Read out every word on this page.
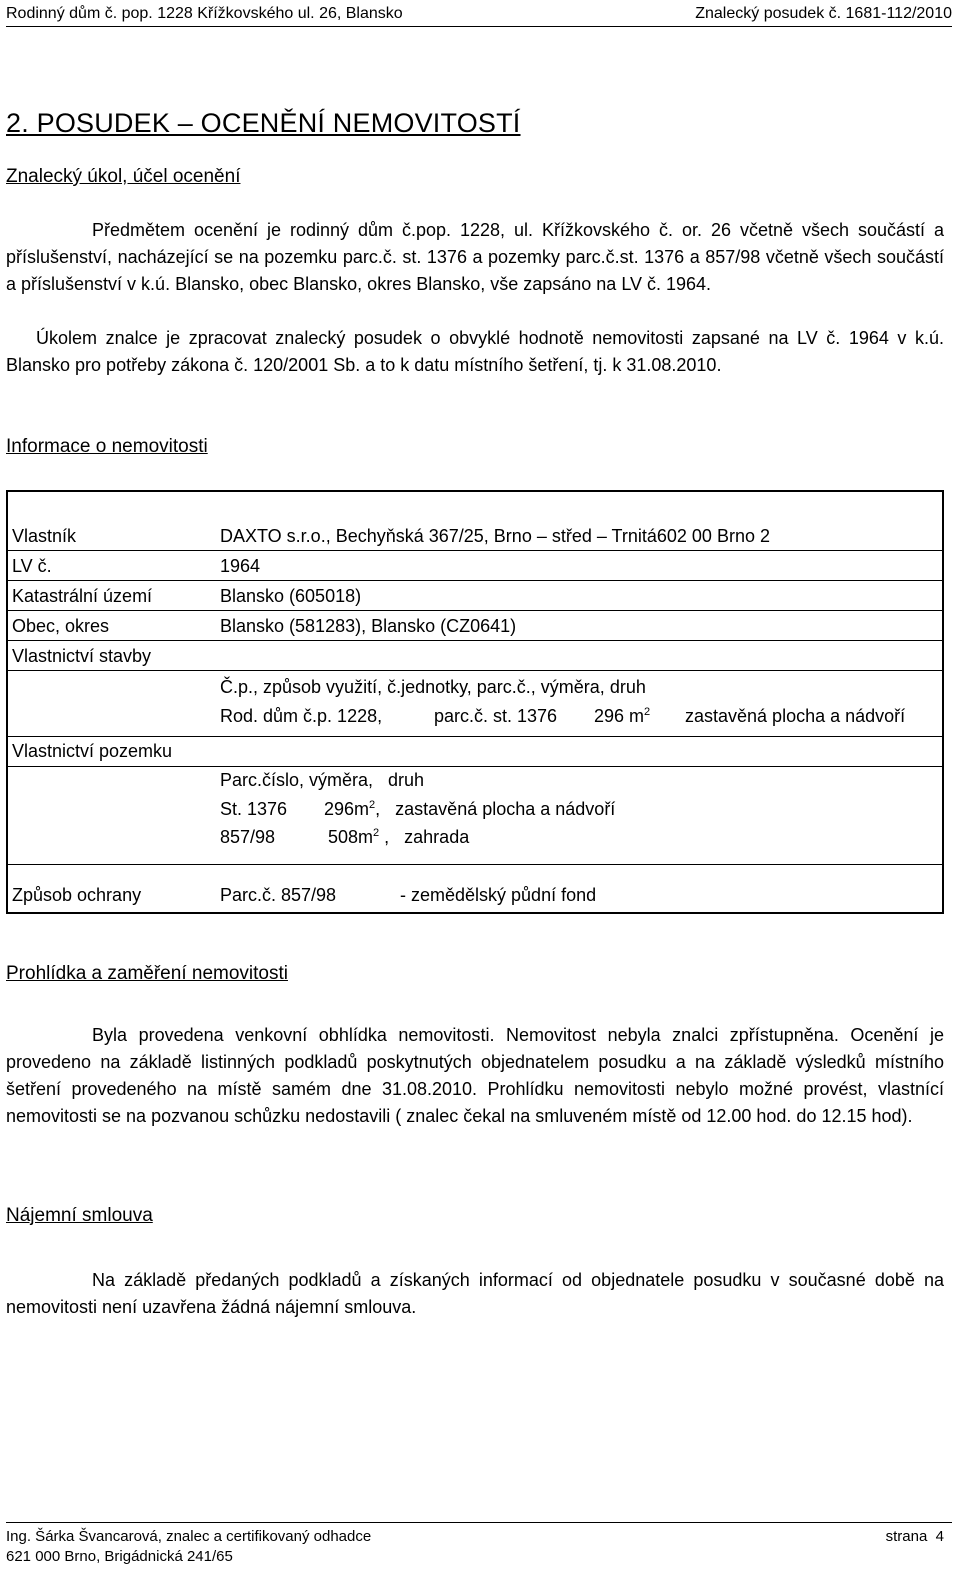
Rodinný dům č. pop. 1228 Křížkovského ul. 26, Blansko	Znalecký posudek č. 1681-112/2010
2. POSUDEK – OCENĚNÍ NEMOVITOSTÍ
Znalecký úkol, účel ocenění
Předmětem ocenění je rodinný dům č.pop. 1228, ul. Křížkovského č. or. 26 včetně všech součástí a příslušenství, nacházející se na pozemku parc.č. st. 1376 a pozemky parc.č.st. 1376 a 857/98 včetně všech součástí a příslušenství v k.ú. Blansko, obec Blansko, okres Blansko, vše zapsáno na LV č. 1964.
Úkolem znalce je zpracovat znalecký posudek o obvyklé hodnotě nemovitosti zapsané na LV č. 1964 v k.ú. Blansko pro potřeby zákona č. 120/2001 Sb. a to k datu místního šetření, tj. k 31.08.2010.
Informace o nemovitosti
Vlastník	DAXTO s.r.o., Bechyňská 367/25, Brno – střed – Trnitá602 00 Brno 2
LV č.	1964
Katastrální území	Blansko (605018)
Obec, okres	Blansko (581283), Blansko (CZ0641)
Vlastnictví stavby
Č.p., způsob využití, č.jednotky, parc.č., výměra, druh
Rod. dům č.p. 1228,	parc.č. st. 1376 296 $m^2$ zastavěná plocha a nádvoří
Vlastnictví pozemku
Parc.číslo, výměra,   druh
St. 1376 $296m^2$,   zastavěná plocha a nádvoří
857/98	$508m^2$ ,   zahrada
Způsob ochrany	Parc.č. 857/98	- zemědělský půdní fond
Prohlídka a zaměření nemovitosti
Byla provedena venkovní obhlídka nemovitosti. Nemovitost nebyla znalci zpřístupněna. Ocenění je provedeno na základě listinných podkladů poskytnutých objednatelem posudku a na základě výsledků místního šetření provedeného na místě samém dne 31.08.2010. Prohlídku nemovitosti nebylo možné provést, vlastnící nemovitosti se na pozvanou schůzku nedostavili ( znalec čekal na smluveném místě od 12.00 hod. do 12.15 hod).
Nájemní smlouva
Na základě předaných podkladů a získaných informací od objednatele posudku v současné době na nemovitosti není uzavřena žádná nájemní smlouva.
Ing. Šárka Švancarová, znalec a certifikovaný odhadce
621 000 Brno, Brigádnická 241/65
strana 4
